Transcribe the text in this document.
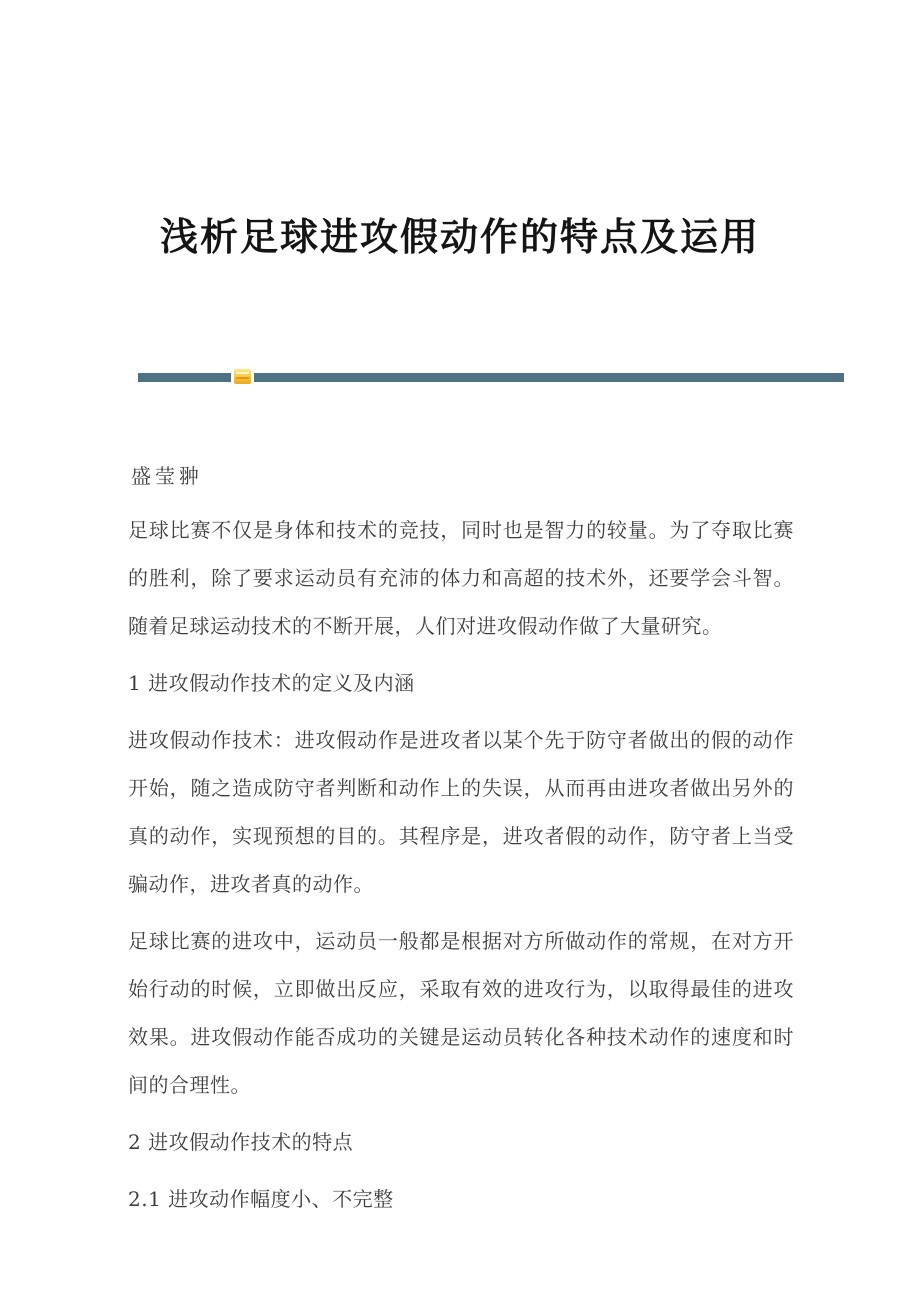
浅析足球进攻假动作的特点及运用
盛莹翀

足球比赛不仅是身体和技术的竞技，同时也是智力的较量。为了夺取比赛的胜利，除了要求运动员有充沛的体力和高超的技术外，还要学会斗智。随着足球运动技术的不断开展，人们对进攻假动作做了大量研究。

1 进攻假动作技术的定义及内涵

进攻假动作技术：进攻假动作是进攻者以某个先于防守者做出的假的动作开始，随之造成防守者判断和动作上的失误，从而再由进攻者做出另外的真的动作，实现预想的目的。其程序是，进攻者假的动作，防守者上当受骗动作，进攻者真的动作。

足球比赛的进攻中，运动员一般都是根据对方所做动作的常规，在对方开始行动的时候，立即做出反应，采取有效的进攻行为，以取得最佳的进攻效果。进攻假动作能否成功的关键是运动员转化各种技术动作的速度和时间的合理性。

2 进攻假动作技术的特点

2.1 进攻动作幅度小、不完整
